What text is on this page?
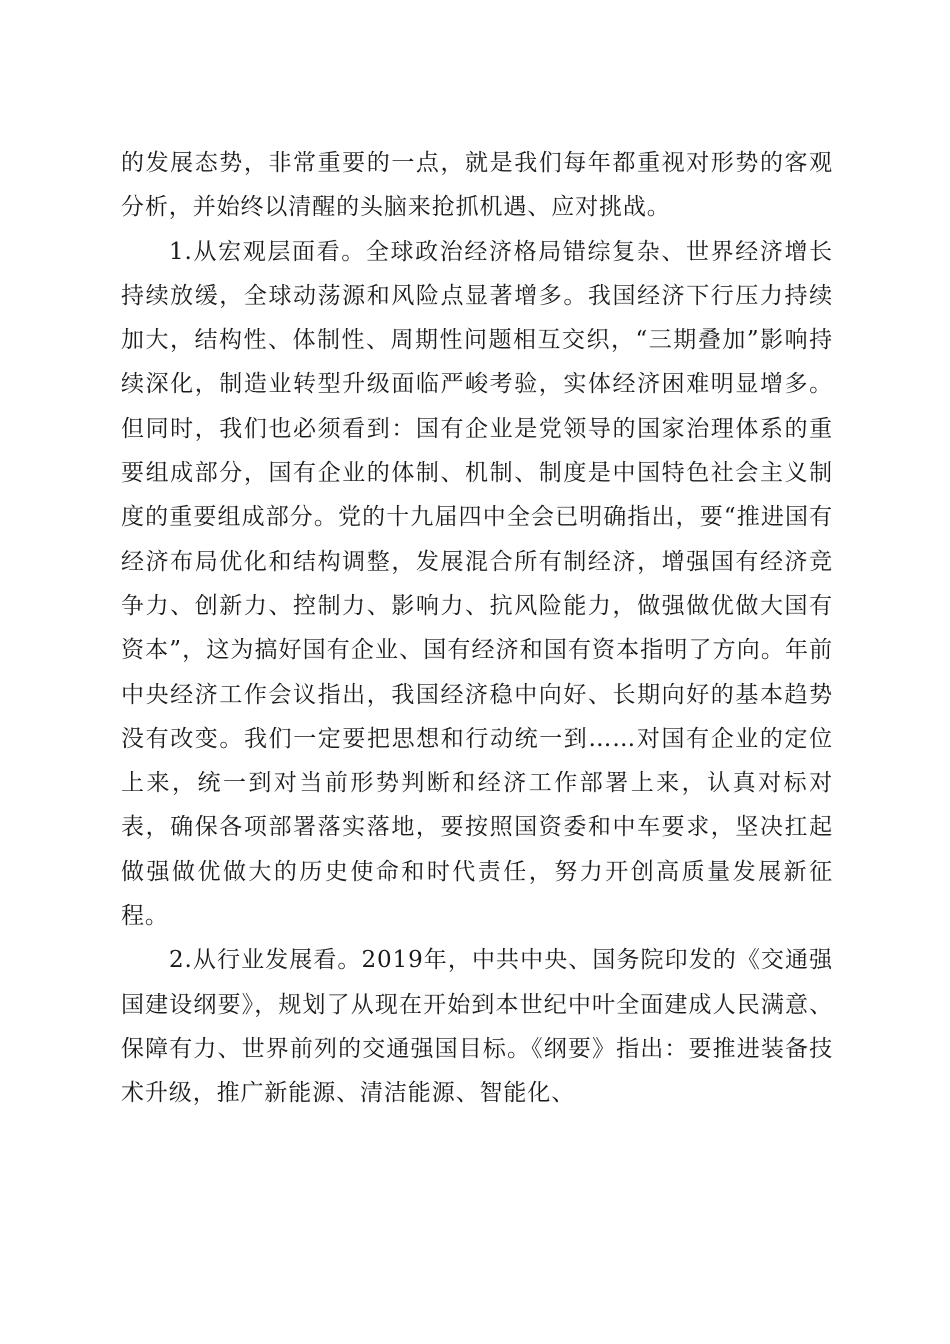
的发展态势，非常重要的一点，就是我们每年都重视对形势的客观分析，并始终以清醒的头脑来抢抓机遇、应对挑战。

1.从宏观层面看。全球政治经济格局错综复杂、世界经济增长持续放缓，全球动荡源和风险点显著增多。我国经济下行压力持续加大，结构性、体制性、周期性问题相互交织，“三期叠加”影响持续深化，制造业转型升级面临严峻考验，实体经济困难明显增多。但同时，我们也必须看到：国有企业是党领导的国家治理体系的重要组成部分，国有企业的体制、机制、制度是中国特色社会主义制度的重要组成部分。党的十九届四中全会已明确指出，要“推进国有经济布局优化和结构调整，发展混合所有制经济，增强国有经济竞争力、创新力、控制力、影响力、抗风险能力，做强做优做大国有资本”，这为搞好国有企业、国有经济和国有资本指明了方向。年前中央经济工作会议指出，我国经济稳中向好、长期向好的基本趋势没有改变。我们一定要把思想和行动统一到……对国有企业的定位上来，统一到对当前形势判断和经济工作部署上来，认真对标对表，确保各项部署落实落地，要按照国资委和中车要求，坚决扛起做强做优做大的历史使命和时代责任，努力开创高质量发展新征程。

2.从行业发展看。2019年，中共中央、国务院印发的《交通强国建设纲要》，规划了从现在开始到本世纪中叶全面建成人民满意、保障有力、世界前列的交通强国目标。《纲要》指出：要推进装备技术升级，推广新能源、清洁能源、智能化、
